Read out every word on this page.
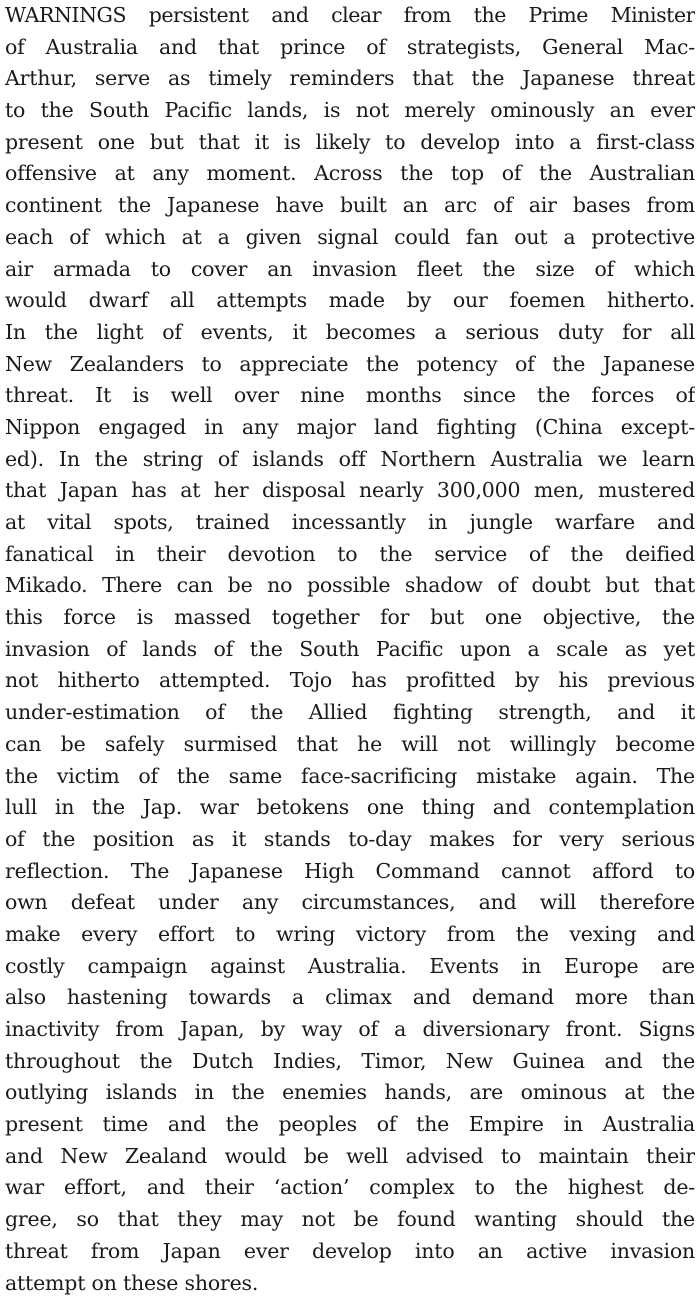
WARNINGS persistent and clear from the Prime Minister
of Australia and that prince of strategists, General Mac-
Arthur, serve as timely reminders that the Japanese threat
to the South Pacific lands, is not merely ominously an ever
present one but that it is likely to develop into a first-class
offensive at any moment. Across the top of the Australian
continent the Japanese have built an arc of air bases from
each of which at a given signal could fan out a protective
air armada to cover an invasion fleet the size of which
would dwarf all attempts made by our foemen hitherto.
In the light of events, it becomes a serious duty for all
New Zealanders to appreciate the potency of the Japanese
threat. It is well over nine months since the forces of
Nippon engaged in any major land fighting (China except-
ed). In the string of islands off Northern Australia we learn
that Japan has at her disposal nearly 300,000 men, mustered
at vital spots, trained incessantly in jungle warfare and
fanatical in their devotion to the service of the deified
Mikado. There can be no possible shadow of doubt but that
this force is massed together for but one objective, the
invasion of lands of the South Pacific upon a scale as yet
not hitherto attempted. Tojo has profitted by his previous
under-estimation of the Allied fighting strength, and it
can be safely surmised that he will not willingly become
the victim of the same face-sacrificing mistake again. The
lull in the Jap. war betokens one thing and contemplation
of the position as it stands to-day makes for very serious
reflection. The Japanese High Command cannot afford to
own defeat under any circumstances, and will therefore
make every effort to wring victory from the vexing and
costly campaign against Australia. Events in Europe are
also hastening towards a climax and demand more than
inactivity from Japan, by way of a diversionary front. Signs
throughout the Dutch Indies, Timor, New Guinea and the
outlying islands in the enemies hands, are ominous at the
present time and the peoples of the Empire in Australia
and New Zealand would be well advised to maintain their
war effort, and their ‘action’ complex to the highest de-
gree, so that they may not be found wanting should the
threat from Japan ever develop into an active invasion
attempt on these shores.
